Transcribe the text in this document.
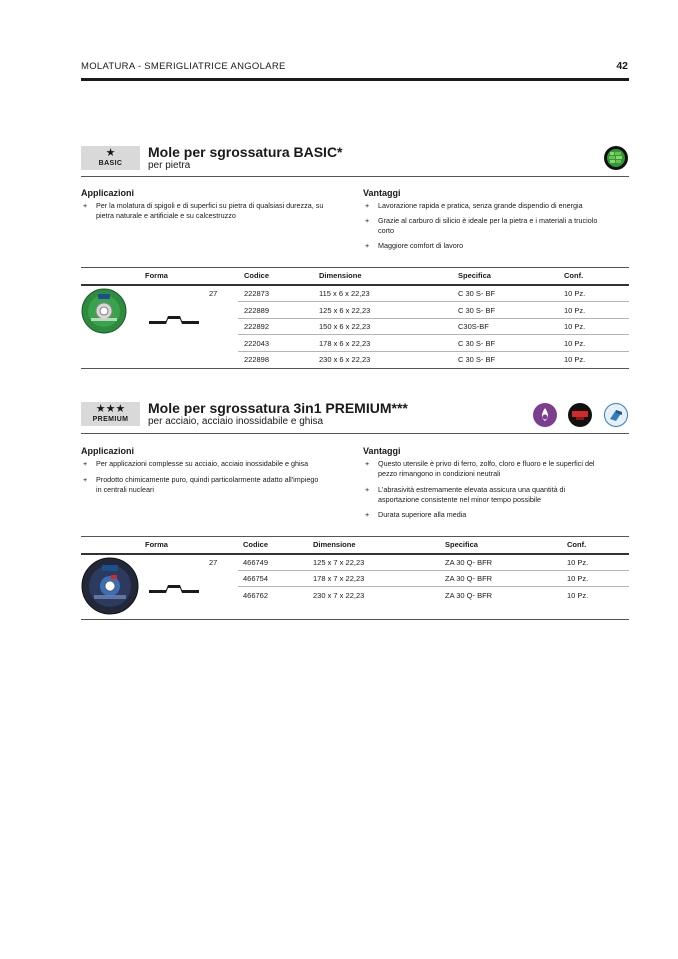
MOLATURA - SMERIGLIATRICE ANGOLARE	42
★
BASIC
Mole per sgrossatura BASIC*
per pietra
Applicazioni
+ Per la molatura di spigoli e di superfici su pietra di qualsiasi durezza, su
pietra naturale e artificiale e su calcestruzzo
Vantaggi
+ Lavorazione rapida e pratica, senza grande dispendio di energia
+ Grazie al carburo di silicio è ideale per la pietra e i materiali a truciolo
corto
+ Maggiore comfort di lavoro
Forma	Codice	Dimensione	Specifica	Conf.
27	222873	115 x 6 x 22,23	C 30 S- BF	10 Pz.
222889	125 x 6 x 22,23	C 30 S- BF	10 Pz.
222892	150 x 6 x 22,23	C30S-BF	10 Pz.
222043	178 x 6 x 22,23	C 30 S- BF	10 Pz.
222898	230 x 6 x 22,23	C 30 S- BF	10 Pz.
★★★
PREMIUM
Mole per sgrossatura 3in1 PREMIUM***
per acciaio, acciaio inossidabile e ghisa
Applicazioni
+ Per applicazioni complesse su acciaio, acciaio inossidabile e ghisa
+ Prodotto chimicamente puro, quindi particolarmente adatto all'impiego
in centrali nucleari
Vantaggi
+ Questo utensile è privo di ferro, zolfo, cloro e fluoro e le superfici del
pezzo rimangono in condizioni neutrali
+ L'abrasività estremamente elevata assicura una quantità di
asportazione consistente nel minor tempo possibile
+ Durata superiore alla media
Forma	Codice	Dimensione	Specifica	Conf.
27	466749	125 x 7 x 22,23	ZA 30 Q- BFR	10 Pz.
466754	178 x 7 x 22,23	ZA 30 Q- BFR	10 Pz.
466762	230 x 7 x 22,23	ZA 30 Q- BFR	10 Pz.
